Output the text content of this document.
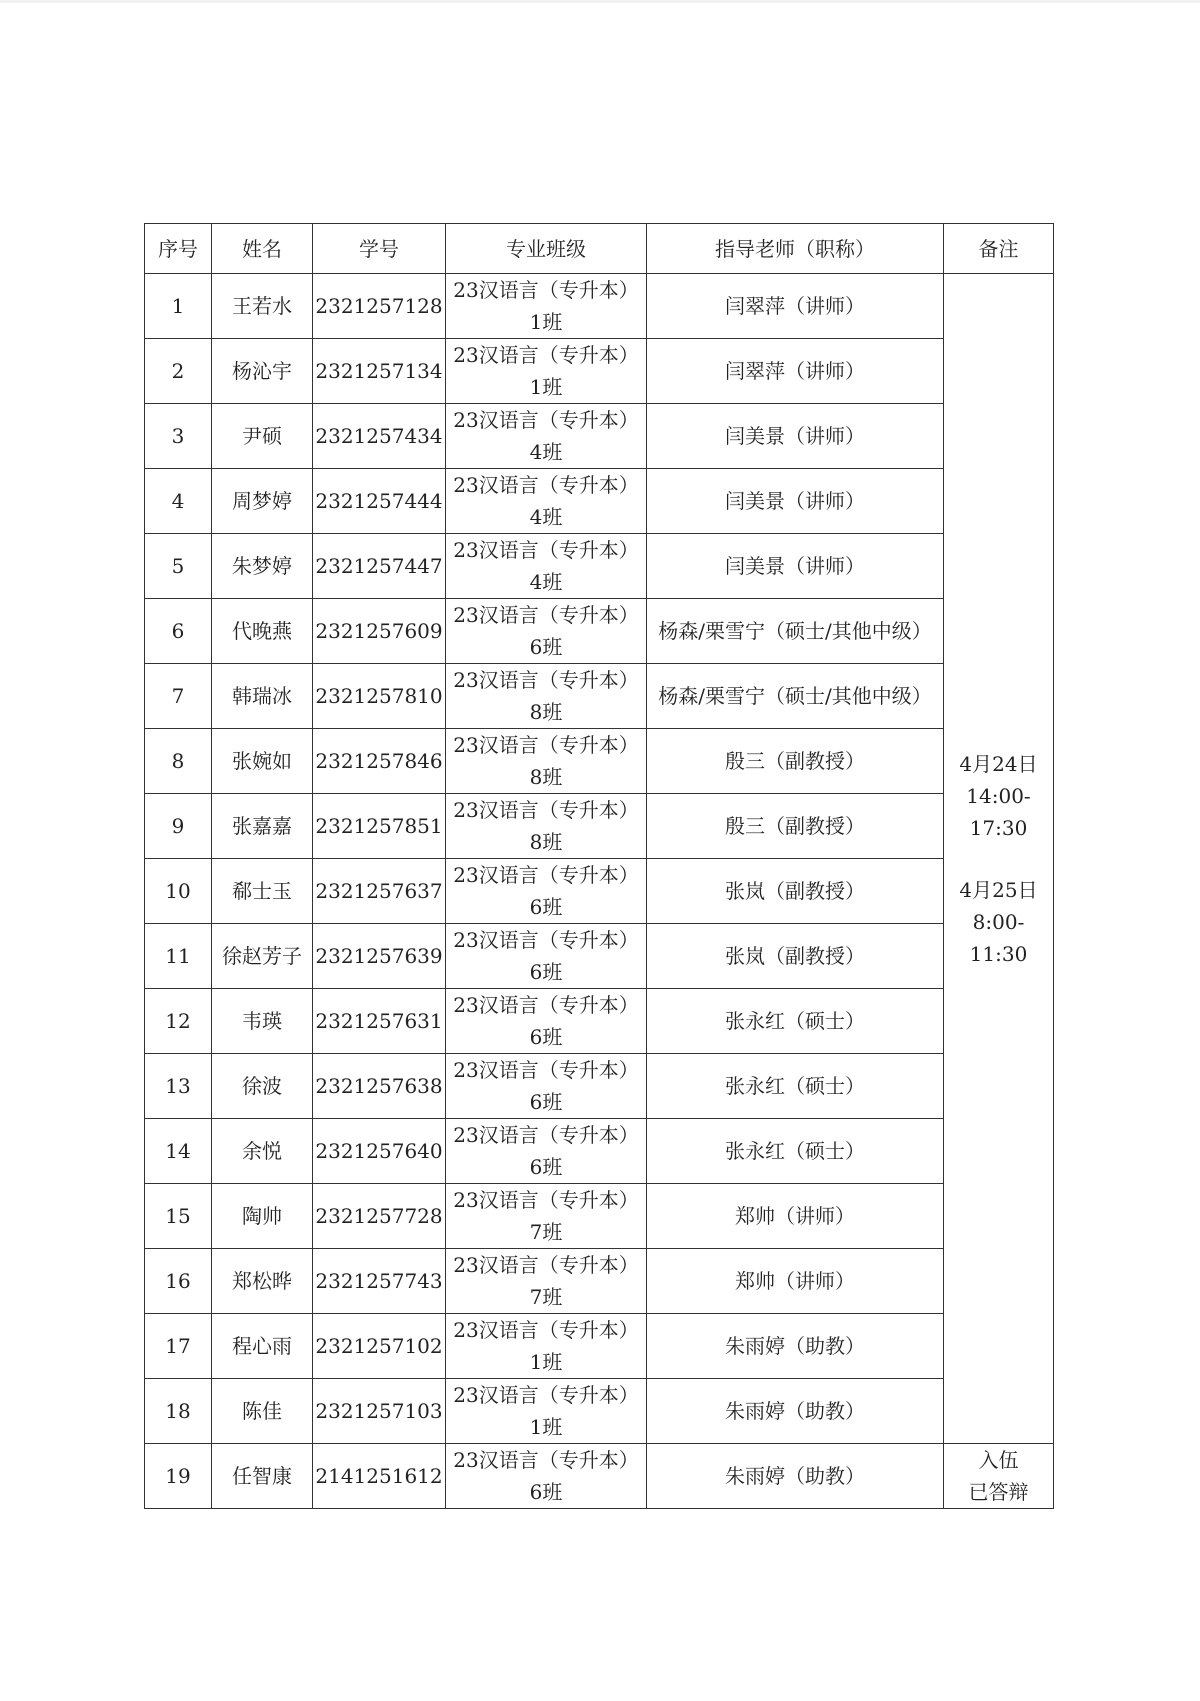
序号	姓名	学号	专业班级	指导老师（职称）	备注
1	王若水	2321257128	23汉语言（专升本）
1班	闫翠萍（讲师）	4月24日
14:00-17:30
4月25日
8:00-11:30

2	杨沁宇	2321257134	23汉语言（专升本）
1班	闫翠萍（讲师）	
3	尹硕	2321257434	23汉语言（专升本）
4班	闫美景（讲师）	
4	周梦婷	2321257444	23汉语言（专升本）
4班	闫美景（讲师）	
5	朱梦婷	2321257447	23汉语言（专升本）
4班	闫美景（讲师）	
6	代晚燕	2321257609	23汉语言（专升本）
6班	杨森/栗雪宁（硕士/其他中级）	
7	韩瑞冰	2321257810	23汉语言（专升本）
8班	杨森/栗雪宁（硕士/其他中级）	
8	张婉如	2321257846	23汉语言（专升本）
8班	殷三（副教授）	
9	张嘉嘉	2321257851	23汉语言（专升本）
8班	殷三（副教授）	
10	郗士玉	2321257637	23汉语言（专升本）
6班	张岚（副教授）	
11	徐赵芳子	2321257639	23汉语言（专升本）
6班	张岚（副教授）	
12	韦瑛	2321257631	23汉语言（专升本）
6班	张永红（硕士）	
13	徐波	2321257638	23汉语言（专升本）
6班	张永红（硕士）	
14	余悦	2321257640	23汉语言（专升本）
6班	张永红（硕士）	
15	陶帅	2321257728	23汉语言（专升本）
7班	郑帅（讲师）	
16	郑松晔	2321257743	23汉语言（专升本）
7班	郑帅（讲师）	
17	程心雨	2321257102	23汉语言（专升本）
1班	朱雨婷（助教）	
18	陈佳	2321257103	23汉语言（专升本）
1班	朱雨婷（助教）	
19	任智康	2141251612	23汉语言（专升本）
6班	朱雨婷（助教）	入伍
已答辩
